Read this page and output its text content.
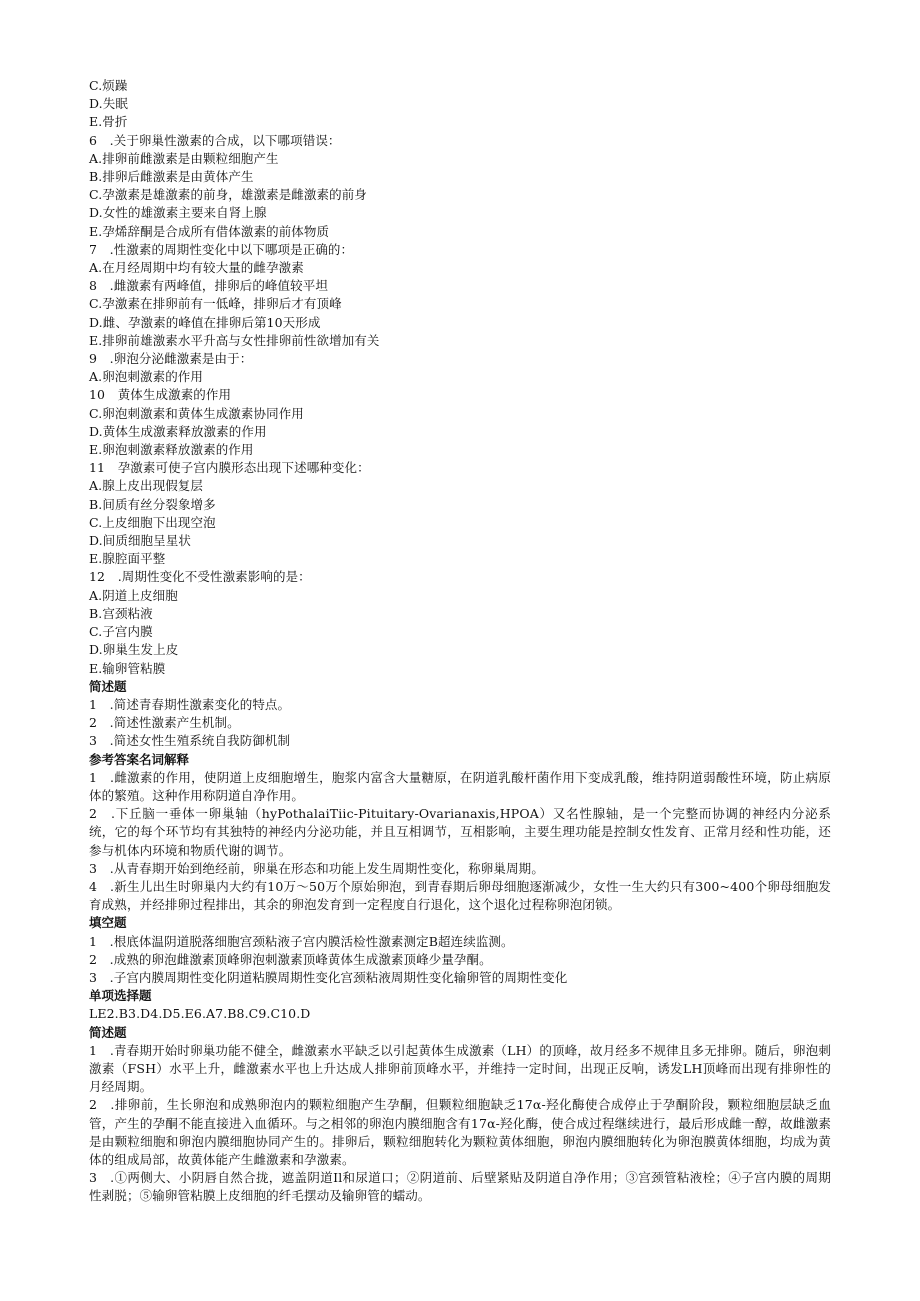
C.烦躁
D.失眠
E.骨折
6　.关于卵巢性激素的合成，以下哪项错误：
A.排卵前雌激素是由颗粒细胞产生
B.排卵后雌激素是由黄体产生
C.孕激素是雄激素的前身，雄激素是雌激素的前身
D.女性的雄激素主要来自肾上腺
E.孕烯辞酮是合成所有借体激素的前体物质
7　.性激素的周期性变化中以下哪项是正确的：
A.在月经周期中均有较大量的雌孕激素
8　.雌激素有两峰值，排卵后的峰值较平坦
C.孕激素在排卵前有一低峰，排卵后才有顶峰
D.雌、孕激素的峰值在排卵后第10天形成
E.排卵前雄激素水平升高与女性排卵前性欲增加有关
9　.卵泡分泌雌激素是由于：
A.卵泡刺激素的作用
10　黄体生成激素的作用
C.卵泡刺激素和黄体生成激素协同作用
D.黄体生成激素释放激素的作用
E.卵泡刺激素释放激素的作用
11　孕激素可使子宫内膜形态出现下述哪种变化：
A.腺上皮出现假复层
B.间质有丝分裂象增多
C.上皮细胞下出现空泡
D.间质细胞呈星状
E.腺腔面平整
12　.周期性变化不受性激素影响的是：
A.阴道上皮细胞
B.宫颈粘液
C.子宫内膜
D.卵巢生发上皮
E.输卵管粘膜
简述题
1　.简述青春期性激素变化的特点。
2　.简述性激素产生机制。
3　.简述女性生殖系统自我防御机制
参考答案名词解释
1　.雌激素的作用，使阴道上皮细胞增生，胞浆内富含大量糖原，在阴道乳酸杆菌作用下变成乳酸，维持阴道弱酸性环境，防止病原体的繁殖。这种作用称阴道自净作用。
2　.下丘脑一垂体一卵巢轴（hyPothalaiTiic-Pituitary-Ovarianaxis,HPOA）又名性腺轴，是一个完整而协调的神经内分泌系统，它的每个环节均有其独特的神经内分泌功能，并且互相调节，互相影响，主要生理功能是控制女性发育、正常月经和性功能，还参与机体内环境和物质代谢的调节。
3　.从青春期开始到绝经前，卵巢在形态和功能上发生周期性变化，称卵巢周期。
4　.新生儿出生时卵巢内大约有10万〜50万个原始卵泡，到青春期后卵母细胞逐渐减少，女性一生大约只有300~400个卵母细胞发育成熟，并经排卵过程排出，其余的卵泡发育到一定程度自行退化，这个退化过程称卵泡闭锁。
填空题
1　.根底体温阴道脱落细胞宫颈粘液子宫内膜活检性激素测定B超连续监测。
2　.成熟的卵泡雌激素顶峰卵泡刺激素顶峰黄体生成激素顶峰少量孕酮。
3　.子宫内膜周期性变化阴道粘膜周期性变化宫颈粘液周期性变化输卵管的周期性变化
单项选择题
LE2.B3.D4.D5.E6.A7.B8.C9.C10.D
简述题
1　.青春期开始时卵巢功能不健全，雌激素水平缺乏以引起黄体生成激素（LH）的顶峰，故月经多不规律且多无排卵。随后，卵泡刺激素（FSH）水平上升，雌激素水平也上升达成人排卵前顶峰水平，并维持一定时间，出现正反响，诱发LH顶峰而出现有排卵性的月经周期。
2　.排卵前，生长卵泡和成熟卵泡内的颗粒细胞产生孕酮，但颗粒细胞缺乏17α-羟化酶使合成停止于孕酮阶段，颗粒细胞层缺乏血管，产生的孕酮不能直接进入血循环。与之相邻的卵泡内膜细胞含有17α-羟化酶，使合成过程继续进行，最后形成雌一醇，故雌激素是由颗粒细胞和卵泡内膜细胞协同产生的。排卵后，颗粒细胞转化为颗粒黄体细胞，卵泡内膜细胞转化为卵泡膜黄体细胞，均成为黄体的组成局部，故黄体能产生雌激素和孕激素。
3　.①两侧大、小阴唇自然合拢，遮盖阴道Il和尿道口；②阴道前、后壁紧贴及阴道自净作用；③宫颈管粘液栓；④子宫内膜的周期性剥脱；⑤输卵管粘膜上皮细胞的纤毛摆动及输卵管的蠕动。
